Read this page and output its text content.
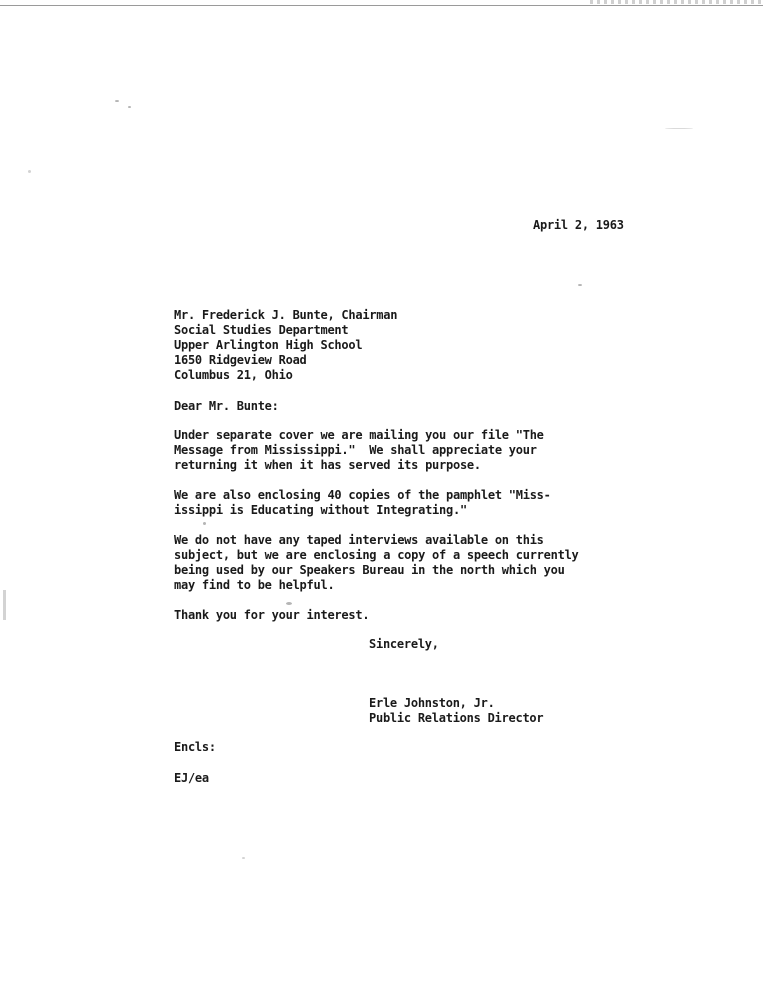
April 2, 1963
Mr. Frederick J. Bunte, Chairman
Social Studies Department
Upper Arlington High School
1650 Ridgeview Road
Columbus 21, Ohio
Dear Mr. Bunte:
Under separate cover we are mailing you our file "The
Message from Mississippi."  We shall appreciate your
returning it when it has served its purpose.
We are also enclosing 40 copies of the pamphlet "Miss-
issippi is Educating without Integrating."
We do not have any taped interviews available on this
subject, but we are enclosing a copy of a speech currently
being used by our Speakers Bureau in the north which you
may find to be helpful.
Thank you for your interest.
Sincerely,
Erle Johnston, Jr.
Public Relations Director
Encls:
EJ/ea
